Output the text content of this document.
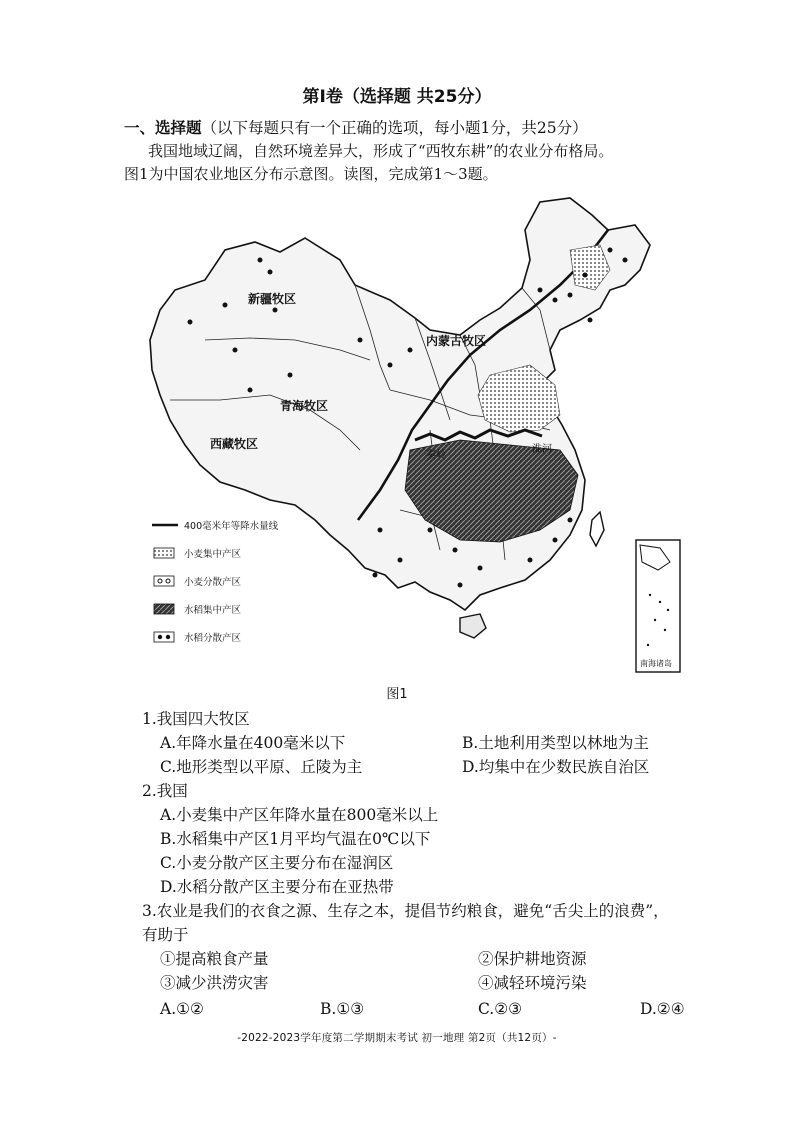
第Ⅰ卷（选择题 共25分）
一、选择题（以下每题只有一个正确的选项，每小题1分，共25分）
我国地域辽阔，自然环境差异大，形成了“西牧东耕”的农业分布格局。
图1为中国农业地区分布示意图。读图，完成第1～3题。
新疆牧区
内蒙古牧区
青海牧区
西藏牧区
秦岭
淮河
南海诸岛
400毫米年等降水量线
小麦集中产区
小麦分散产区
水稻集中产区
水稻分散产区
图1
1.我国四大牧区
A.年降水量在400毫米以下	B.土地利用类型以林地为主
C.地形类型以平原、丘陵为主	D.均集中在少数民族自治区
2.我国
A.小麦集中产区年降水量在800毫米以上
B.水稻集中产区1月平均气温在0℃以下
C.小麦分散产区主要分布在湿润区
D.水稻分散产区主要分布在亚热带
3.农业是我们的衣食之源、生存之本，提倡节约粮食，避免“舌尖上的浪费”，
有助于
①提高粮食产量	②保护耕地资源
③减少洪涝灾害	④减轻环境污染
A.①②	B.①③	C.②③	D.②④
-2022-2023学年度第二学期期末考试 初一地理 第2页（共12页）-
